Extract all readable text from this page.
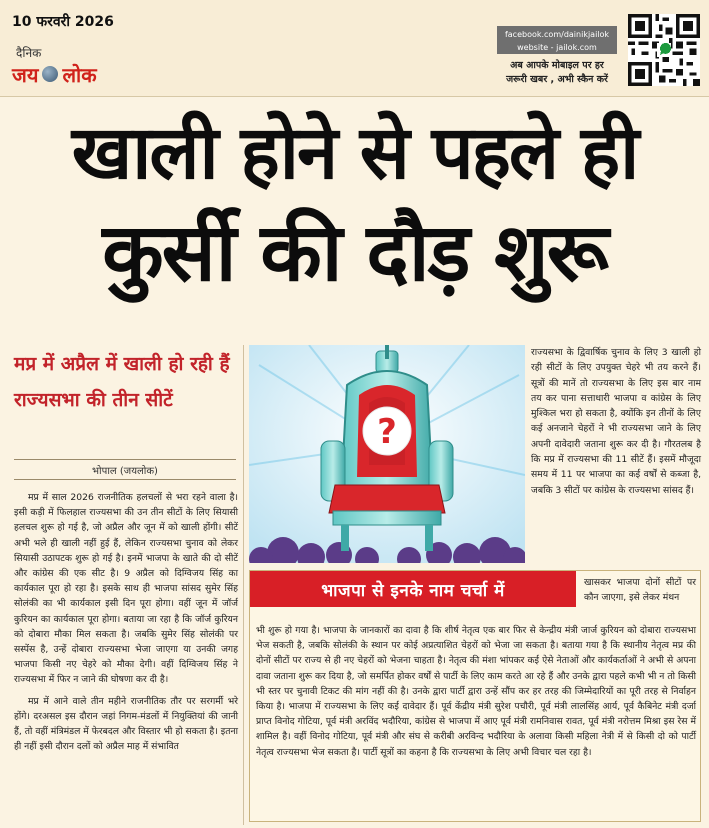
10 फरवरी 2026
दैनिक
जय लोक
facebook.com/dainikjailok
website - jailok.com
अब आपके मोबाइल पर हर
जरूरी खबर , अभी स्कैन करें
खाली होने से पहले ही
कुर्सी की दौड़ शुरू
मप्र में अप्रैल में खाली हो रही हैं राज्यसभा की तीन सीटें
भोपाल (जयलोक)

मप्र में साल 2026 राजनीतिक हलचलों से भरा रहने वाला है। इसी कड़ी में फिलहाल राज्यसभा की उन तीन सीटों के लिए सियासी हलचल शुरू हो गई है, जो अप्रैल और जून में को खाली होंगी। सीटें अभी भले ही खाली नहीं हुई हैं, लेकिन राज्यसभा चुनाव को लेकर सियासी उठापटक शुरू हो गई है। इनमें भाजपा के खाते की दो सीटें और कांग्रेस की एक सीट है। 9 अप्रैल को दिग्विजय सिंह का कार्यकाल पूरा हो रहा है। इसके साथ ही भाजपा सांसद सुमेर सिंह सोलंकी का भी कार्यकाल इसी दिन पूरा होगा। वहीं जून में जॉर्ज कुरियन का कार्यकाल पूरा होगा। बताया जा रहा है कि जॉर्ज कुरियन को दोबारा मौका मिल सकता है। जबकि सुमेर सिंह सोलंकी पर सस्पेंस है, उन्हें दोबारा राज्यसभा भेजा जाएगा या उनकी जगह भाजपा किसी नए चेहरे को मौका देगी। वहीं दिग्विजय सिंह ने राज्यसभा में फिर न जाने की घोषणा कर दी है।

मप्र में आने वाले तीन महीने राजनीतिक तौर पर सरगर्मी भरे होंगे। दरअसल इस दौरान जहां निगम-मंडलों में नियुक्तियां की जानी हैं, तो वहीं मंत्रिमंडल में फेरबदल और विस्तार भी हो सकता है। इतना ही नहीं इसी दौरान दलों को अप्रैल माह में संभावित

?
राज्यसभा के द्विवार्षिक चुनाव के लिए 3 खाली हो रही सीटों के लिए उपयुक्त चेहरे भी तय करने हैं। सूत्रों की मानें तो राज्यसभा के लिए इस बार नाम तय कर पाना सत्ताधारी भाजपा व कांग्रेस के लिए मुश्किल भरा हो सकता है, क्योंकि इन तीनों के लिए कई अनजाने चेहरों ने भी राज्यसभा जाने के लिए अपनी दावेदारी जताना शुरू कर दी है। गौरतलब है कि मप्र में राज्यसभा की 11 सीटें हैं। इसमें मौजूदा समय में 11 पर भाजपा का कई वर्षों से कब्जा है, जबकि 3 सीटों पर कांग्रेस के राज्यसभा सांसद हैं।
भाजपा से इनके नाम चर्चा में	खासकर भाजपा दोनों सीटों पर कौन जाएगा, इसे लेकर मंथन
भी शुरू हो गया है। भाजपा के जानकारों का दावा है कि शीर्ष नेतृत्व एक बार फिर से केन्द्रीय मंत्री जार्ज कुरियन को दोबारा राज्यसभा भेज सकती है, जबकि सोलंकी के स्थान पर कोई अप्रत्याशित चेहरों को भेजा जा सकता है। बताया गया है कि स्थानीय नेतृत्व मप्र की दोनों सीटों पर राज्य से ही नए चेहरों को भेजना चाहता है। नेतृत्व की मंशा भांपकर कई ऐसे नेताओं और कार्यकर्ताओं ने अभी से अपना दावा जताना शुरू कर दिया है, जो समर्पित होकर वर्षों से पार्टी के लिए काम करते आ रहे हैं और उनके द्वारा पहले कभी भी न तो किसी भी स्तर पर चुनावी टिकट की मांग नहीं की है। उनके द्वारा पार्टी द्वारा उन्हें सौंप कर हर तरह की जिम्मेदारियों का पूरी तरह से निर्वाहन किया है। भाजपा में राज्यसभा के लिए कई दावेदार हैं। पूर्व केंद्रीय मंत्री सुरेश पचौरी, पूर्व मंत्री लालसिंह आर्य, पूर्व कैबिनेट मंत्री दर्जा प्राप्त विनोद गोटिया, पूर्व मंत्री अरविंद भदौरिया, कांग्रेस से भाजपा में आए पूर्व मंत्री रामनिवास रावत, पूर्व मंत्री नरोत्तम मिश्रा इस रेस में शामिल है। वहीं विनोद गोटिया, पूर्व मंत्री और संघ से करीबी अरविन्द भदौरिया के अलावा किसी महिला नेत्री में से किसी दो को पार्टी नेतृत्व राज्यसभा भेज सकता है। पार्टी सूत्रों का कहना है कि राज्यसभा के लिए अभी विचार चल रहा है।
